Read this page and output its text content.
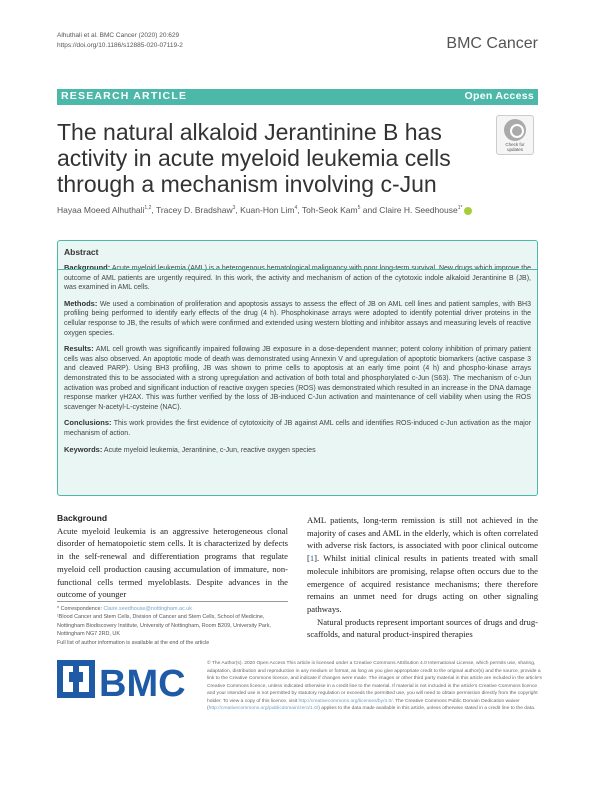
Alhuthali et al. BMC Cancer (2020) 20:629
https://doi.org/10.1186/s12885-020-07119-2	BMC Cancer
RESEARCH ARTICLE	Open Access
The natural alkaloid Jerantinine B has activity in acute myeloid leukemia cells through a mechanism involving c-Jun
Check for
updates
Hayaa Moeed Alhuthali$^{1,2}$, Tracey D. Bradshaw$^3$, Kuan-Hon Lim$^4$, Toh-Seok Kam$^5$ and Claire H. Seedhouse$^{1*}$
Abstract

Background: Acute myeloid leukemia (AML) is a heterogenous hematological malignancy with poor long-term survival. New drugs which improve the outcome of AML patients are urgently required. In this work, the activity and mechanism of action of the cytotoxic indole alkaloid Jerantinine B (JB), was examined in AML cells.

Methods: We used a combination of proliferation and apoptosis assays to assess the effect of JB on AML cell lines and patient samples, with BH3 profiling being performed to identify early effects of the drug (4 h). Phosphokinase arrays were adopted to identify potential driver proteins in the cellular response to JB, the results of which were confirmed and extended using western blotting and inhibitor assays and measuring levels of reactive oxygen species.

Results: AML cell growth was significantly impaired following JB exposure in a dose-dependent manner; potent colony inhibition of primary patient cells was also observed. An apoptotic mode of death was demonstrated using Annexin V and upregulation of apoptotic biomarkers (active caspase 3 and cleaved PARP). Using BH3 profiling, JB was shown to prime cells to apoptosis at an early time point (4 h) and phospho-kinase arrays demonstrated this to be associated with a strong upregulation and activation of both total and phosphorylated c-Jun (S63). The mechanism of c-Jun activation was probed and significant induction of reactive oxygen species (ROS) was demonstrated which resulted in an increase in the DNA damage response marker γH2AX. This was further verified by the loss of JB-induced C-Jun activation and maintenance of cell viability when using the ROS scavenger N-acetyl-L-cysteine (NAC).

Conclusions: This work provides the first evidence of cytotoxicity of JB against AML cells and identifies ROS-induced c-Jun activation as the major mechanism of action.

Keywords: Acute myeloid leukemia, Jerantinine, c-Jun, reactive oxygen species

Background

Acute myeloid leukemia is an aggressive heterogeneous clonal disorder of hematopoietic stem cells. It is characterized by defects in the self-renewal and differentiation programs that regulate myeloid cell production causing accumulation of immature, non-functional cells termed myeloblasts. Despite advances in the outcome of younger

AML patients, long-term remission is still not achieved in the majority of cases and AML in the elderly, which is often correlated with adverse risk factors, is associated with poor clinical outcome [1]. Whilst initial clinical results in patients treated with small molecule inhibitors are promising, relapse often occurs due to the emergence of acquired resistance mechanisms; there therefore remains an unmet need for drugs acting on other signaling pathways.

Natural products represent important sources of drugs and drug-scaffolds, and natural product-inspired therapies

* Correspondence: Claire.seedhouse@nottingham.ac.uk
¹Blood Cancer and Stem Cells, Division of Cancer and Stem Cells, School of Medicine, Nottingham Biodiscovery Institute, University of Nottingham, Room B209, University Park, Nottingham NG7 2RD, UK
Full list of author information is available at the end of the article
BMC	© The Author(s). 2020 Open Access This article is licensed under a Creative Commons Attribution 4.0 International License, which permits use, sharing, adaptation, distribution and reproduction in any medium or format, as long as you give appropriate credit to the original author(s) and the source, provide a link to the Creative Commons licence, and indicate if changes were made. The images or other third party material in this article are included in the article's Creative Commons licence, unless indicated otherwise in a credit line to the material. If material is not included in the article's Creative Commons licence and your intended use is not permitted by statutory regulation or exceeds the permitted use, you will need to obtain permission directly from the copyright holder. To view a copy of this licence, visit http://creativecommons.org/licenses/by/4.0/. The Creative Commons Public Domain Dedication waiver (http://creativecommons.org/publicdomain/zero/1.0/) applies to the data made available in this article, unless otherwise stated in a credit line to the data.
